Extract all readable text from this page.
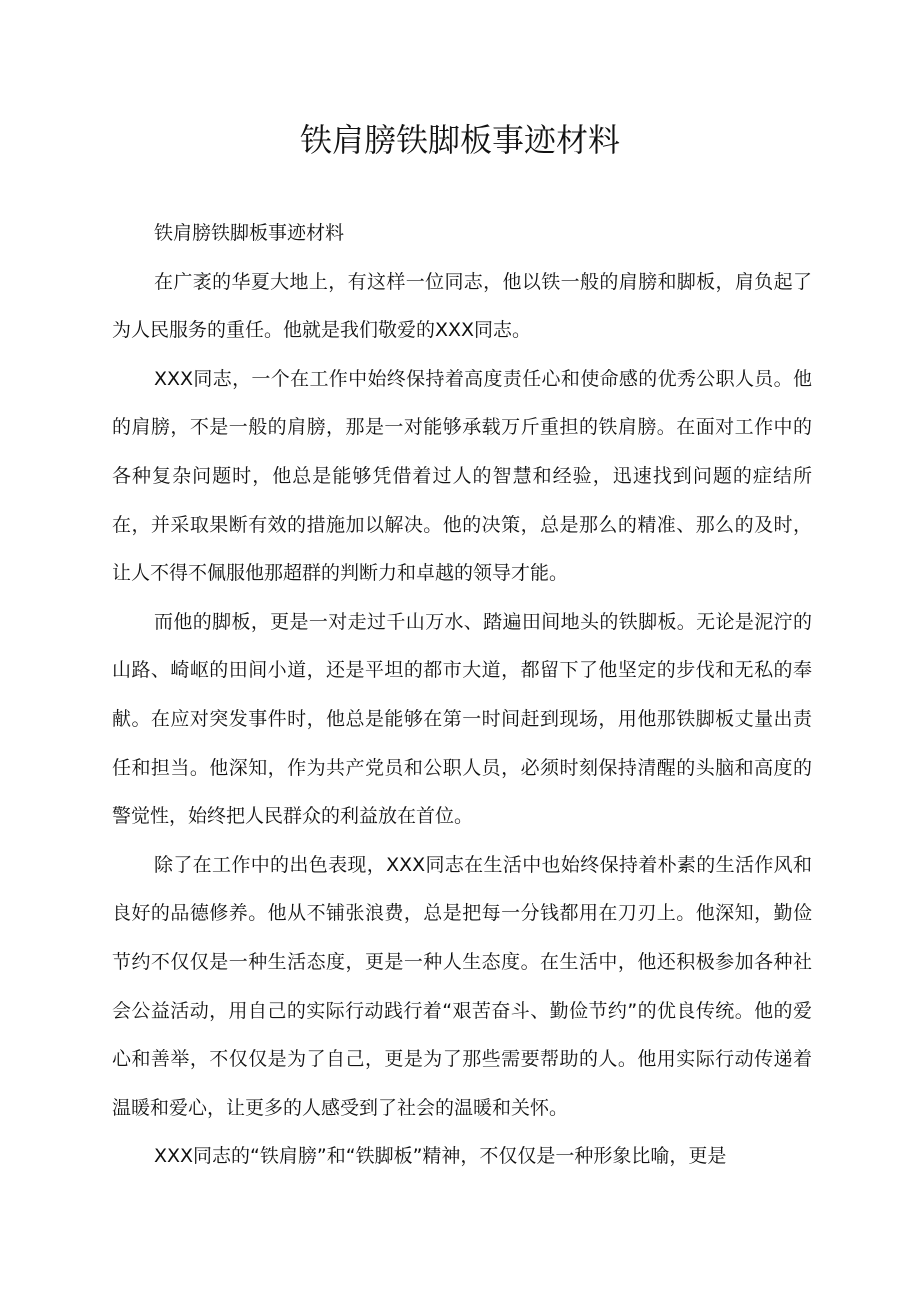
铁肩膀铁脚板事迹材料

铁肩膀铁脚板事迹材料

在广袤的华夏大地上，有这样一位同志，他以铁一般的肩膀和脚板，肩负起了为人民服务的重任。他就是我们敬爱的XXX同志。

XXX同志，一个在工作中始终保持着高度责任心和使命感的优秀公职人员。他的肩膀，不是一般的肩膀，那是一对能够承载万斤重担的铁肩膀。在面对工作中的各种复杂问题时，他总是能够凭借着过人的智慧和经验，迅速找到问题的症结所在，并采取果断有效的措施加以解决。他的决策，总是那么的精准、那么的及时，让人不得不佩服他那超群的判断力和卓越的领导才能。

而他的脚板，更是一对走过千山万水、踏遍田间地头的铁脚板。无论是泥泞的山路、崎岖的田间小道，还是平坦的都市大道，都留下了他坚定的步伐和无私的奉献。在应对突发事件时，他总是能够在第一时间赶到现场，用他那铁脚板丈量出责任和担当。他深知，作为共产党员和公职人员，必须时刻保持清醒的头脑和高度的警觉性，始终把人民群众的利益放在首位。

除了在工作中的出色表现，XXX同志在生活中也始终保持着朴素的生活作风和良好的品德修养。他从不铺张浪费，总是把每一分钱都用在刀刃上。他深知，勤俭节约不仅仅是一种生活态度，更是一种人生态度。在生活中，他还积极参加各种社会公益活动，用自己的实际行动践行着“艰苦奋斗、勤俭节约”的优良传统。他的爱心和善举，不仅仅是为了自己，更是为了那些需要帮助的人。他用实际行动传递着温暖和爱心，让更多的人感受到了社会的温暖和关怀。

XXX同志的“铁肩膀”和“铁脚板”精神，不仅仅是一种形象比喻，更是
